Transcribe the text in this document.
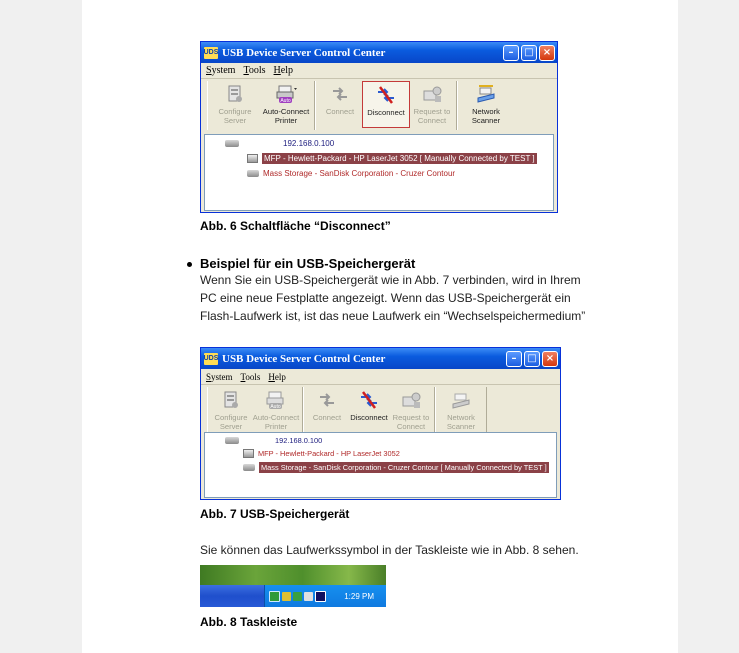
UDS USB Device Server Control Center	–	□ ×
System Tools Help
Configure
Server
Auto
Auto-Connect
Printer
Connect Disconnect Request to
Connect
Network
Scanner
192.168.0.100
MFP - Hewlett-Packard - HP LaserJet 3052 [ Manually Connected by TEST ]
Mass Storage - SanDisk Corporation - Cruzer Contour
Abb. 6 Schaltfläche “Disconnect”
Beispiel für ein USB-Speichergerät
Wenn Sie ein USB-Speichergerät wie in Abb. 7 verbinden, wird in Ihrem
PC eine neue Festplatte angezeigt. Wenn das USB-Speichergerät ein
Flash-Laufwerk ist, ist das neue Laufwerk ein “Wechselspeichermedium”
UDS USB Device Server Control Center	–	□ ×
System Tools Help
Configure
Server
Auto
Auto-Connect
Printer
Connect Disconnect Request to
Connect
Network
Scanner
192.168.0.100
MFP - Hewlett-Packard - HP LaserJet 3052
Mass Storage - SanDisk Corporation - Cruzer Contour [ Manually Connected by TEST ]
Abb. 7 USB-Speichergerät
Sie können das Laufwerkssymbol in der Taskleiste wie in Abb. 8 sehen.
1:29 PM
Abb. 8 Taskleiste
